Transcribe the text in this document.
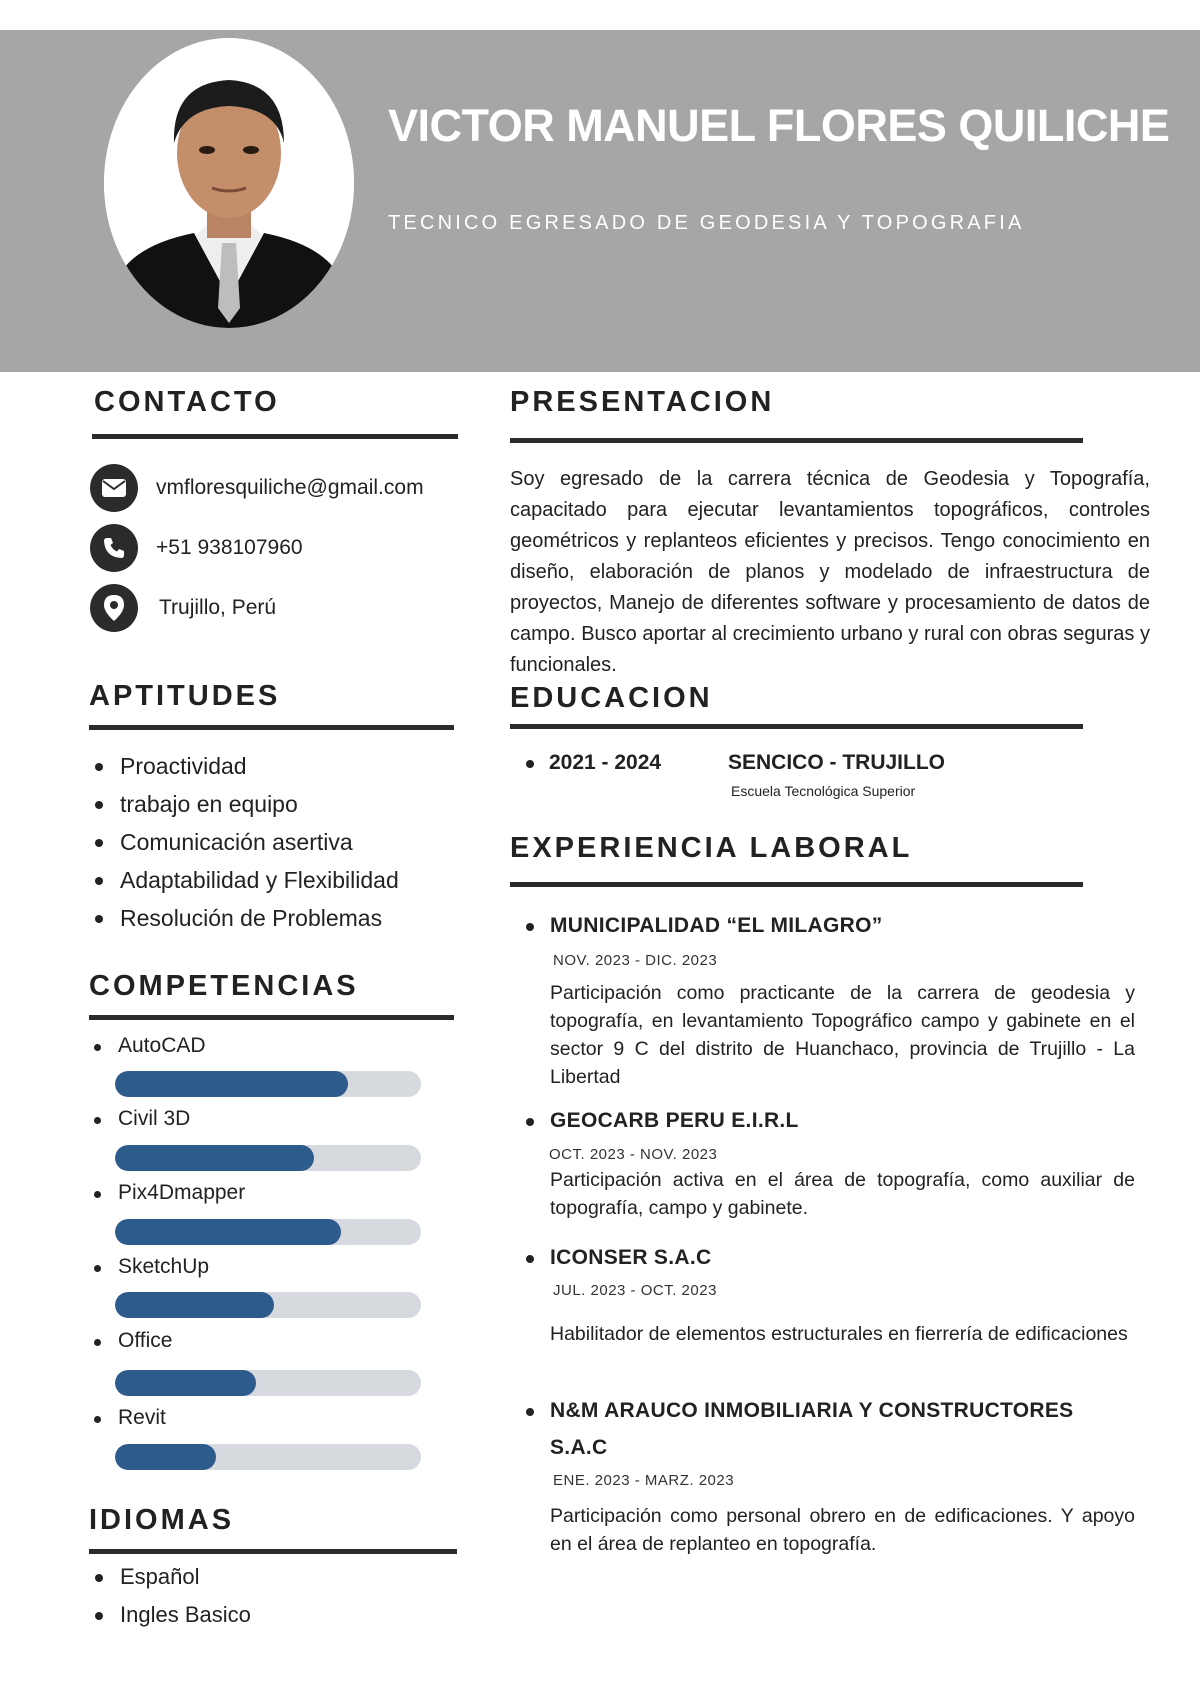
VICTOR MANUEL FLORES QUILICHE
TECNICO EGRESADO DE GEODESIA Y TOPOGRAFIA
CONTACTO
vmfloresquiliche@gmail.com
+51 938107960
Trujillo, Perú
APTITUDES
Proactividad
trabajo en equipo
Comunicación asertiva
Adaptabilidad y Flexibilidad
Resolución de Problemas
COMPETENCIAS
AutoCAD
Civil 3D
Pix4Dmapper
SketchUp
Office
Revit
IDIOMAS
Español
Ingles Basico
PRESENTACION
Soy egresado de la carrera técnica de Geodesia y Topografía, capacitado para ejecutar levantamientos topográficos, controles geométricos y replanteos eficientes y precisos. Tengo conocimiento en diseño, elaboración de planos y modelado de infraestructura de proyectos, Manejo de diferentes software y procesamiento de datos de campo. Busco aportar al crecimiento urbano y rural con obras seguras y funcionales.
EDUCACION
2021 - 2024	SENCICO - TRUJILLO
Escuela Tecnológica Superior
EXPERIENCIA LABORAL
MUNICIPALIDAD “EL MILAGRO”
NOV. 2023 - DIC. 2023
Participación como practicante de la carrera de geodesia y topografía, en levantamiento Topográfico campo y gabinete en el sector 9 C del distrito de Huanchaco, provincia de Trujillo - La Libertad
GEOCARB PERU E.I.R.L
OCT. 2023 - NOV. 2023
Participación activa en el área de topografía, como auxiliar de topografía, campo y gabinete.
ICONSER S.A.C
JUL. 2023 - OCT. 2023
Habilitador de elementos estructurales en fierrería de edificaciones
N&M ARAUCO INMOBILIARIA Y CONSTRUCTORES
S.A.C
ENE. 2023 - MARZ. 2023
Participación como personal obrero en de edificaciones. Y apoyo en el área de replanteo en topografía.
